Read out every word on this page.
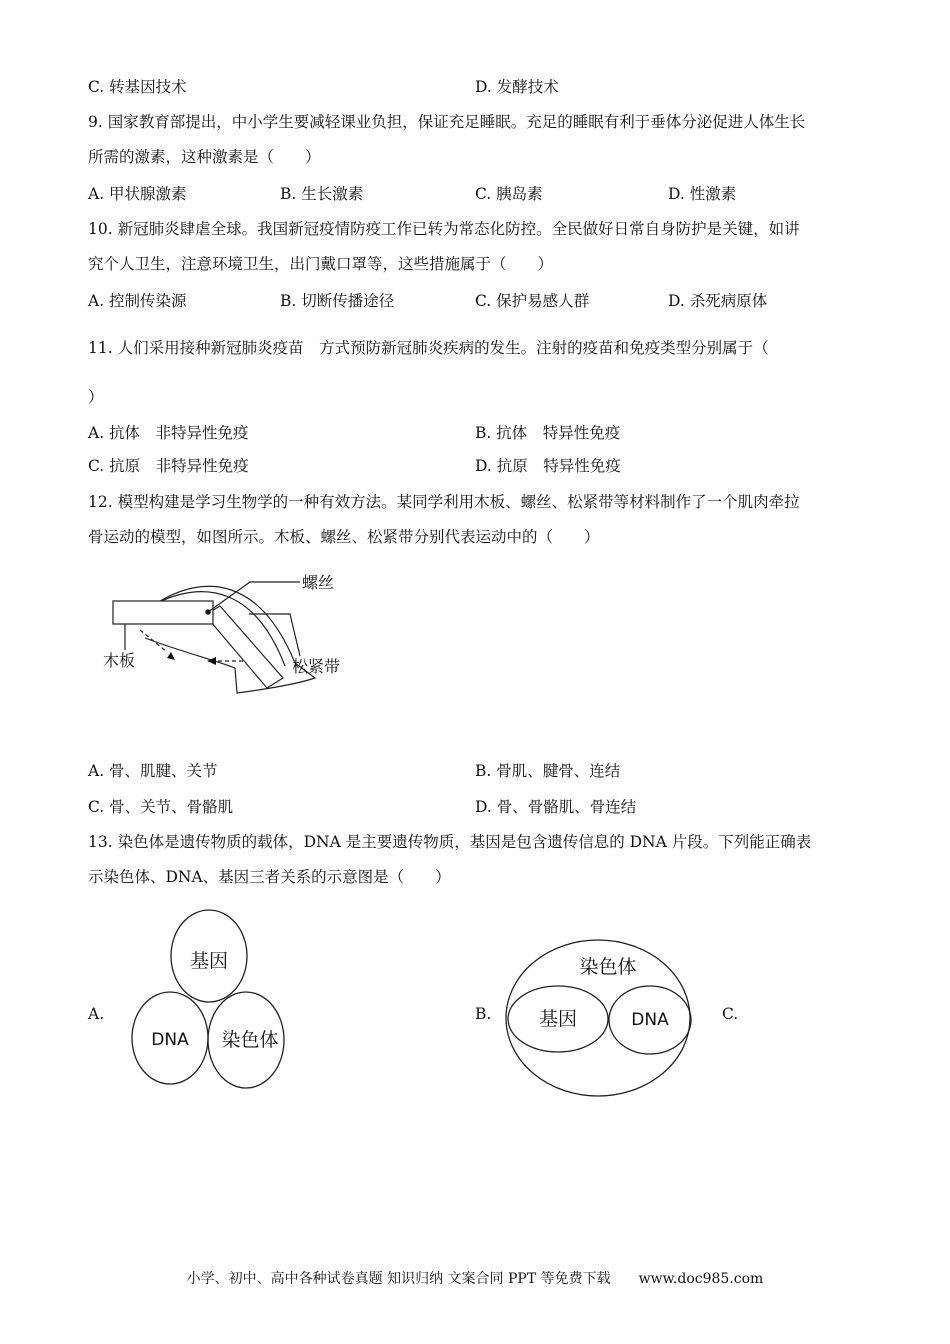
C. 转基因技术	D. 发酵技术
9. 国家教育部提出，中小学生要减轻课业负担，保证充足睡眠。充足的睡眠有利于垂体分泌促进人体生长
所需的激素，这种激素是（　　）
A. 甲状腺激素	B. 生长激素	C. 胰岛素	D. 性激素
10. 新冠肺炎肆虐全球。我国新冠疫情防疫工作已转为常态化防控。全民做好日常自身防护是关键，如讲
究个人卫生，注意环境卫生，出门戴口罩等，这些措施属于（　　）
A. 控制传染源	B. 切断传播途径	C. 保护易感人群	D. 杀死病原体
11. 人们采用接种新冠肺炎疫苗　方式预防新冠肺炎疾病的发生。注射的疫苗和免疫类型分别属于（
）
A. 抗体　非特异性免疫	B. 抗体　特异性免疫
C. 抗原　非特异性免疫	D. 抗原　特异性免疫
12. 模型构建是学习生物学的一种有效方法。某同学利用木板、螺丝、松紧带等材料制作了一个肌肉牵拉
骨运动的模型，如图所示。木板、螺丝、松紧带分别代表运动中的（　　）
螺丝
木板	松紧带
A. 骨、肌腱、关节	B. 骨肌、腱骨、连结
C. 骨、关节、骨骼肌	D. 骨、骨骼肌、骨连结
13. 染色体是遗传物质的载体，DNA 是主要遗传物质，基因是包含遗传信息的 DNA 片段。下列能正确表
示染色体、DNA、基因三者关系的示意图是（　　）
A.
基因
DNA 染色体
B.
染色体
基因	DNA	C.
小学、初中、高中各种试卷真题 知识归纳 文案合同 PPT 等免费下载　　www.doc985.com
